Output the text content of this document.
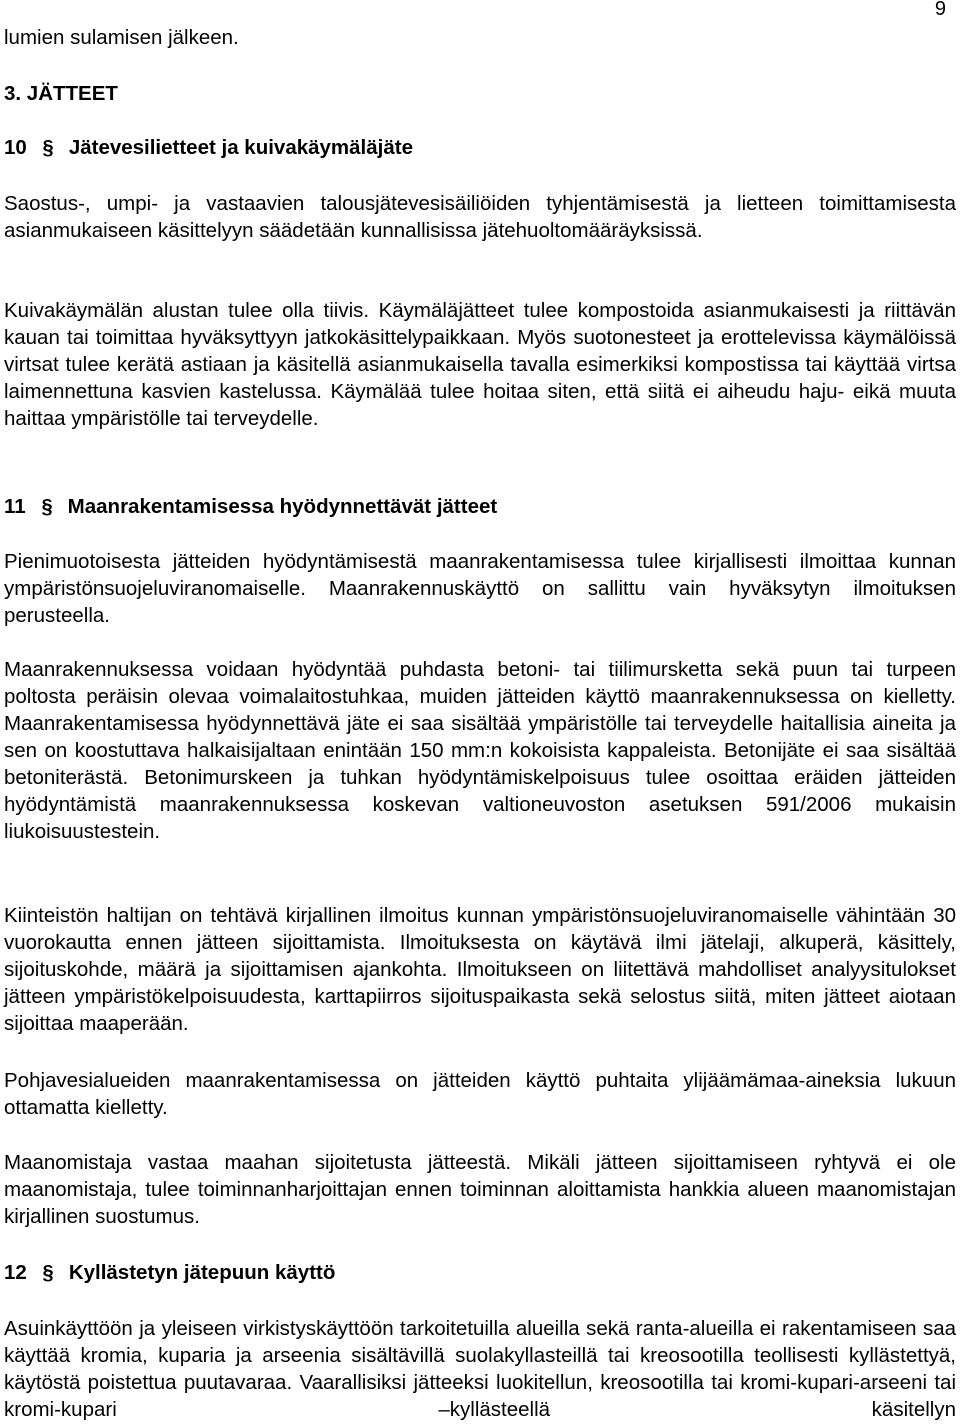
9

lumien sulamisen jälkeen.

3. JÄTTEET

10 § Jätevesilietteet ja kuivakäymäläjäte

Saostus-, umpi- ja vastaavien talousjätevesisäiliöiden tyhjentämisestä ja lietteen toimittamisesta asianmukaiseen käsittelyyn säädetään kunnallisissa jätehuoltomääräyksissä.

Kuivakäymälän alustan tulee olla tiivis. Käymäläjätteet tulee kompostoida asianmukaisesti ja riittävän kauan tai toimittaa hyväksyttyyn jatkokäsittelypaikkaan. Myös suotonesteet ja erottelevissa käymälöissä virtsat tulee kerätä astiaan ja käsitellä asianmukaisella tavalla esimerkiksi kompostissa tai käyttää virtsa laimennettuna kasvien kastelussa. Käymälää tulee hoitaa siten, että siitä ei aiheudu haju- eikä muuta haittaa ympäristölle tai terveydelle.

11 § Maanrakentamisessa hyödynnettävät jätteet

Pienimuotoisesta jätteiden hyödyntämisestä maanrakentamisessa tulee kirjallisesti ilmoittaa kunnan ympäristönsuojeluviranomaiselle. Maanrakennuskäyttö on sallittu vain hyväksytyn ilmoituksen perusteella.

Maanrakennuksessa voidaan hyödyntää puhdasta betoni- tai tiilimursketta sekä puun tai turpeen poltosta peräisin olevaa voimalaitostuhkaa, muiden jätteiden käyttö maanrakennuksessa on kielletty. Maanrakentamisessa hyödynnettävä jäte ei saa sisältää ympäristölle tai terveydelle haitallisia aineita ja sen on koostuttava halkaisijaltaan enintään 150 mm:n kokoisista kappaleista. Betonijäte ei saa sisältää betoniterästä. Betonimurskeen ja tuhkan hyödyntämiskelpoisuus tulee osoittaa eräiden jätteiden hyödyntämistä maanrakennuksessa koskevan valtioneuvoston asetuksen 591/2006 mukaisin liukoisuustestein.

Kiinteistön haltijan on tehtävä kirjallinen ilmoitus kunnan ympäristönsuojeluviranomaiselle vähintään 30 vuorokautta ennen jätteen sijoittamista. Ilmoituksesta on käytävä ilmi jätelaji, alkuperä, käsittely, sijoituskohde, määrä ja sijoittamisen ajankohta. Ilmoitukseen on liitettävä mahdolliset analyysitulokset jätteen ympäristökelpoisuudesta, karttapiirros sijoituspaikasta sekä selostus siitä, miten jätteet aiotaan sijoittaa maaperään.

Pohjavesialueiden maanrakentamisessa on jätteiden käyttö puhtaita ylijäämämaa-aineksia lukuun ottamatta kielletty.

Maanomistaja vastaa maahan sijoitetusta jätteestä. Mikäli jätteen sijoittamiseen ryhtyvä ei ole maanomistaja, tulee toiminnanharjoittajan ennen toiminnan aloittamista hankkia alueen maanomistajan kirjallinen suostumus.

12 § Kyllästetyn jätepuun käyttö

Asuinkäyttöön ja yleiseen virkistyskäyttöön tarkoitetuilla alueilla sekä ranta-alueilla ei rakentamiseen saa käyttää kromia, kuparia ja arseenia sisältävillä suolakyllasteillä tai kreosootilla teollisesti kyllästettyä, käytöstä poistettua puutavaraa. Vaarallisiksi jätteeksi luokitellun, kreosootilla tai kromi-kupari-arseeni tai kromi-kupari –kyllästeellä käsitellyn
